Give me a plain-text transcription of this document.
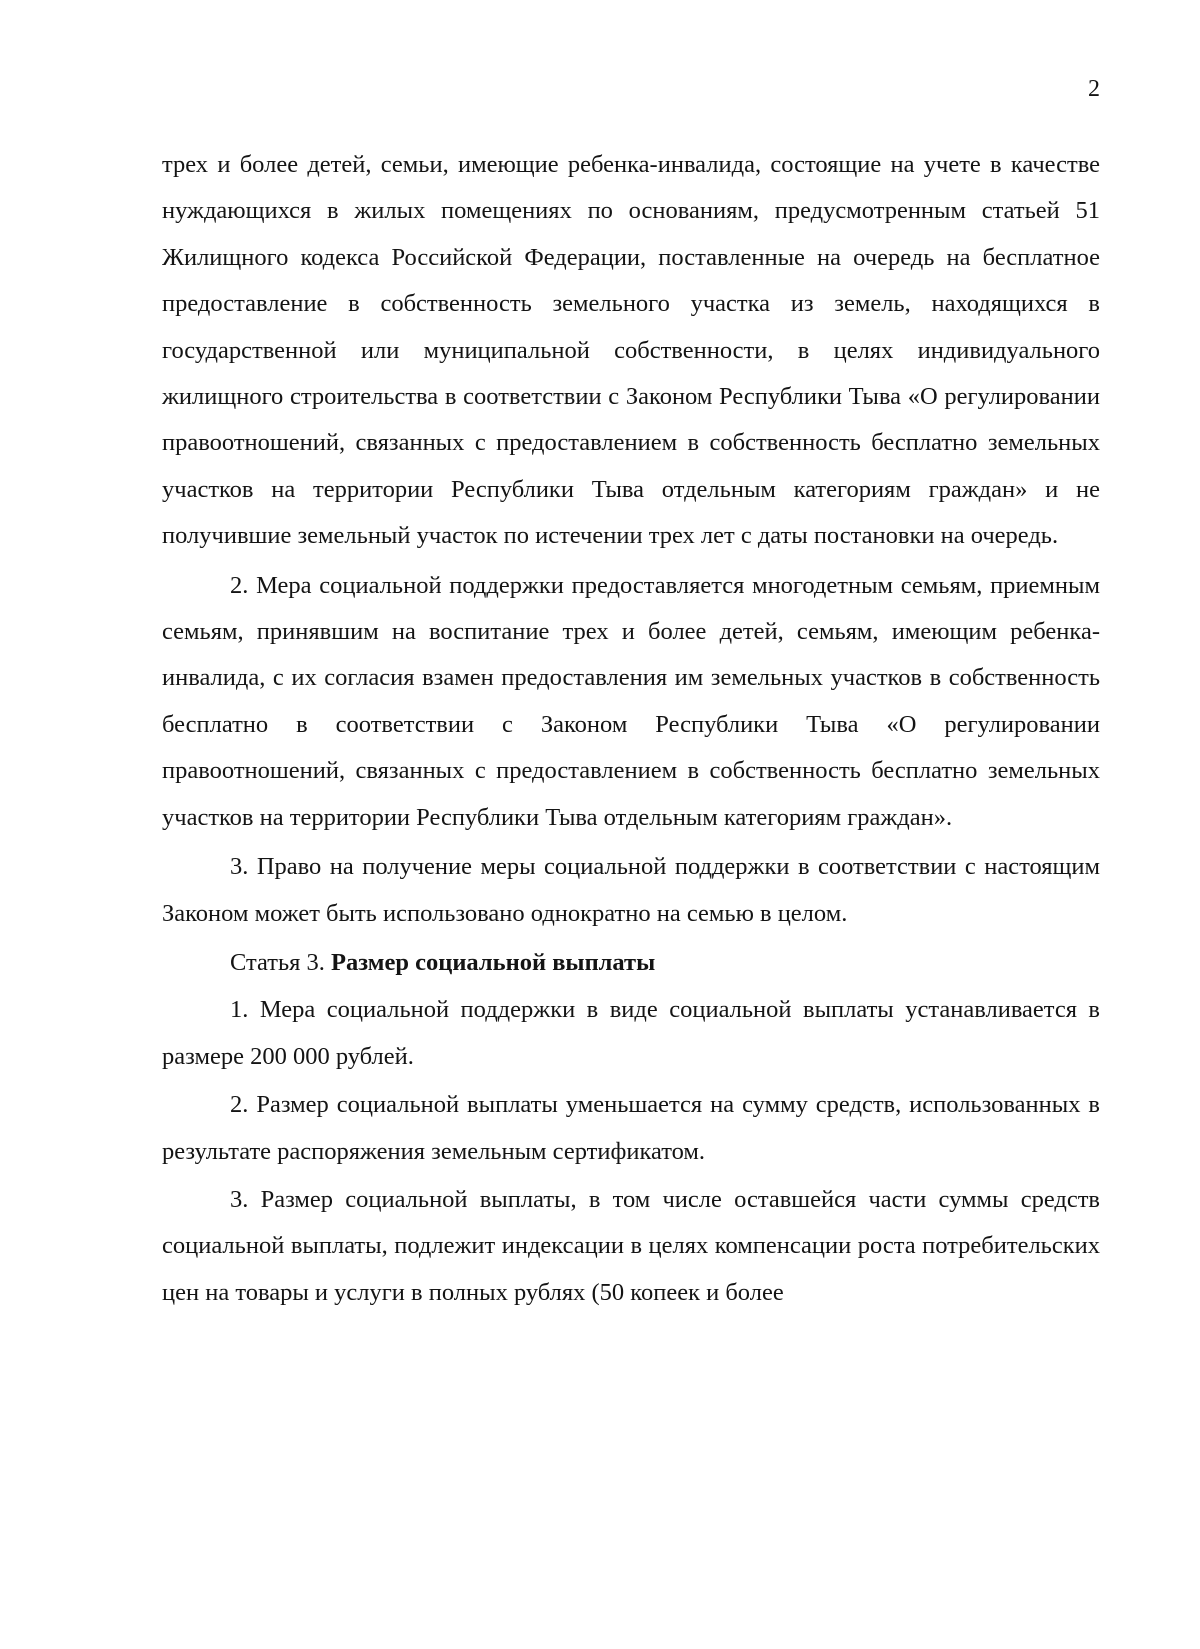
2

трех и более детей, семьи, имеющие ребенка-инвалида, состоящие на учете в качестве нуждающихся в жилых помещениях по основаниям, предусмотренным статьей 51 Жилищного кодекса Российской Федерации, поставленные на очередь на бесплатное предоставление в собственность земельного участка из земель, находящихся в государственной или муниципальной собственности, в целях индивидуального жилищного строительства в соответствии с Законом Республики Тыва «О регулировании правоотношений, связанных с предоставлением в собственность бесплатно земельных участков на территории Республики Тыва отдельным категориям граждан» и не получившие земельный участок по истечении трех лет с даты постановки на очередь.

2. Мера социальной поддержки предоставляется многодетным семьям, приемным семьям, принявшим на воспитание трех и более детей, семьям, имеющим ребенка-инвалида, с их согласия взамен предоставления им земельных участков в собственность бесплатно в соответствии с Законом Республики Тыва «О регулировании правоотношений, связанных с предоставлением в собственность бесплатно земельных участков на территории Республики Тыва отдельным категориям граждан».

3. Право на получение меры социальной поддержки в соответствии с настоящим Законом может быть использовано однократно на семью в целом.

Статья 3. Размер социальной выплаты

1. Мера социальной поддержки в виде социальной выплаты устанавливается в размере 200 000 рублей.

2. Размер социальной выплаты уменьшается на сумму средств, использованных в результате распоряжения земельным сертификатом.

3. Размер социальной выплаты, в том числе оставшейся части суммы средств социальной выплаты, подлежит индексации в целях компенсации роста потребительских цен на товары и услуги в полных рублях (50 копеек и более
